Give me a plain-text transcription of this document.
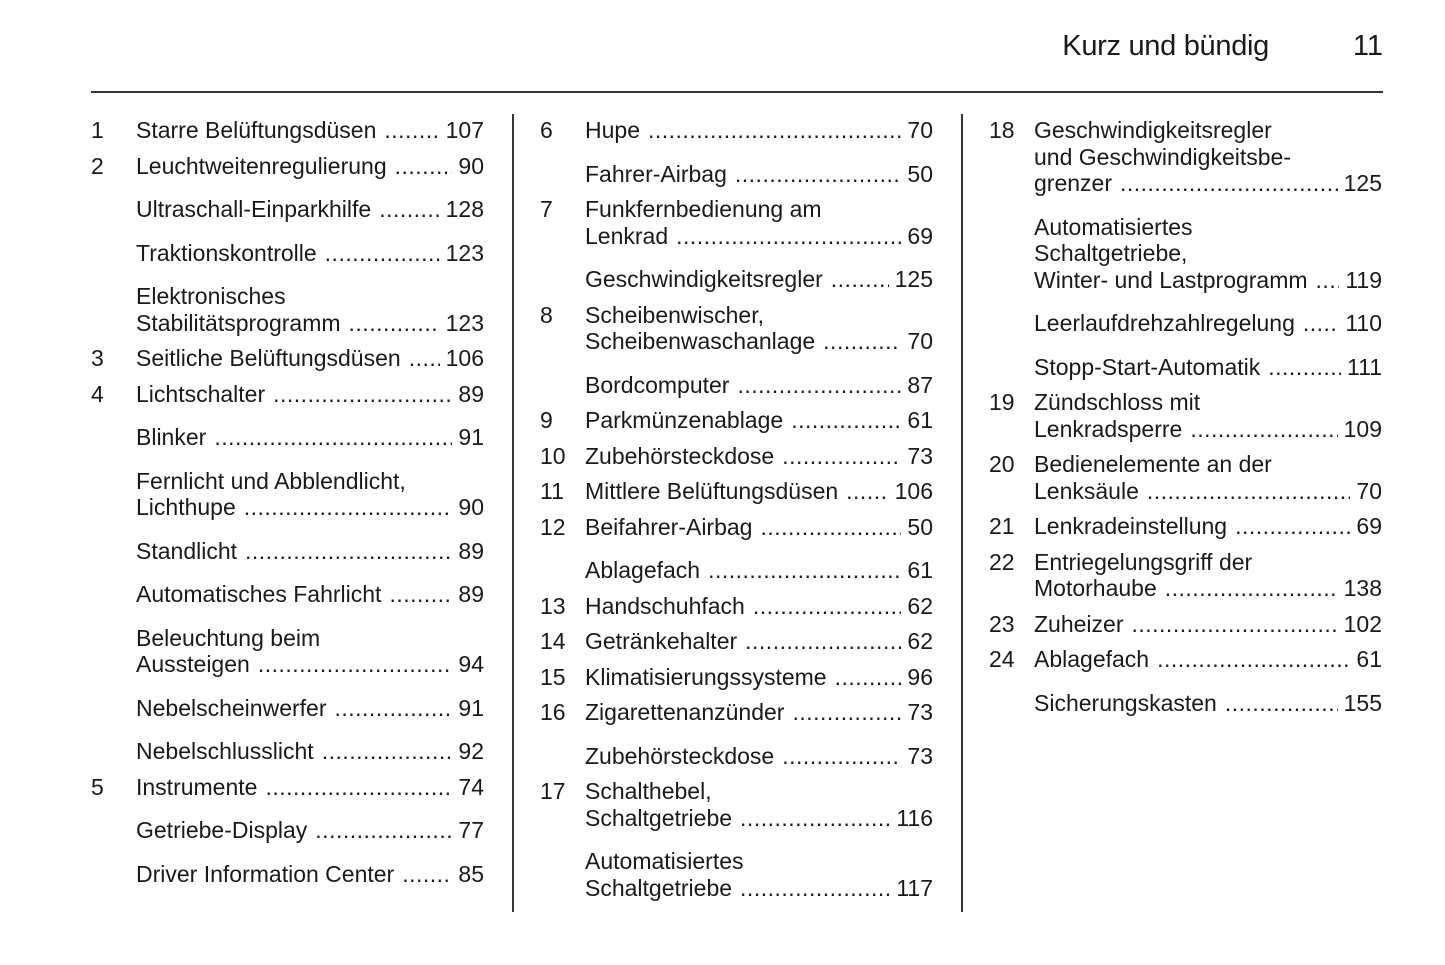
Kurz und bündig	11
1	Starre Belüftungsdüsen .....	107
2	Leuchtweitenregulierung .....	90
Ultraschall-Einparkhilfe .....	128
Traktionskontrolle .....	123
Elektronisches
Stabilitätsprogramm .....	123
3	Seitliche Belüftungsdüsen ..... 106
4	Lichtschalter .....	89
Blinker .....	91
Fernlicht und Abblendlicht,
Lichthupe .....	90
Standlicht .....	89
Automatisches Fahrlicht .....	89
Beleuchtung beim
Aussteigen .....	94
Nebelscheinwerfer .....	91
Nebelschlusslicht .....	92
5	Instrumente .....	74
Getriebe-Display .....	77
Driver Information Center .....	85
6	Hupe .....	70
Fahrer-Airbag .....	50
7	Funkfernbedienung am
Lenkrad .....	69
Geschwindigkeitsregler .....	125
8	Scheibenwischer,
Scheibenwaschanlage .....	70
Bordcomputer .....	87
9	Parkmünzenablage .....	61
10 Zubehörsteckdose .....	73
11 Mittlere Belüftungsdüsen ..... 106
12 Beifahrer-Airbag .....	50
Ablagefach .....	61
13 Handschuhfach .....	62
14 Getränkehalter .....	62
15 Klimatisierungssysteme .....	96
16 Zigarettenanzünder .....	73
Zubehörsteckdose .....	73
17 Schalthebel,
Schaltgetriebe .....	116
Automatisiertes
Schaltgetriebe .....	117
18 Geschwindigkeitsregler
und Geschwindigkeitsbe-
grenzer .....	125
Automatisiertes
Schaltgetriebe,
Winter- und Lastprogramm ..... 119
Leerlaufdrehzahlregelung ..... 110
Stopp-Start-Automatik .....	111
19 Zündschloss mit
Lenkradsperre .....	109
20 Bedienelemente an der
Lenksäule .....	70
21 Lenkradeinstellung .....	69
22 Entriegelungsgriff der
Motorhaube .....	138
23 Zuheizer .....	102
24 Ablagefach .....	61
Sicherungskasten .....	155
